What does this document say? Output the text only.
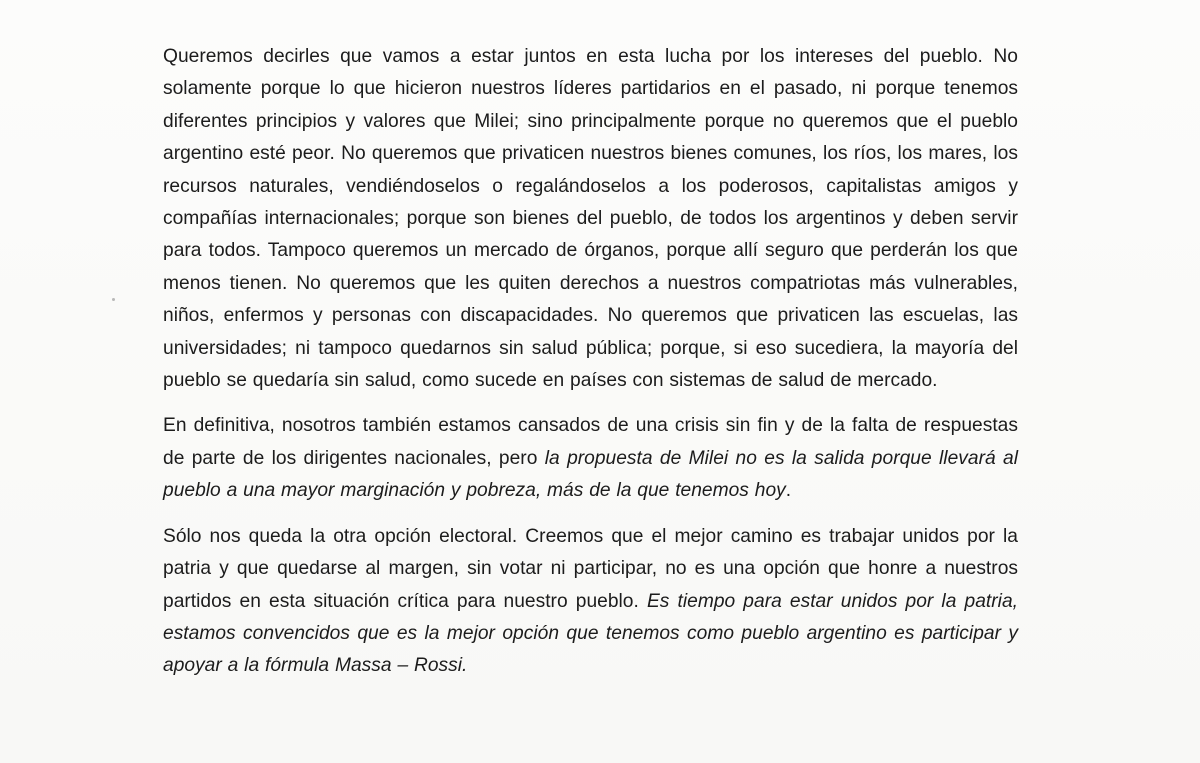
Queremos decirles que vamos a estar juntos en esta lucha por los intereses del pueblo. No solamente porque lo que hicieron nuestros líderes partidarios en el pasado, ni porque tenemos diferentes principios y valores que Milei; sino principalmente porque no queremos que el pueblo argentino esté peor. No queremos que privaticen nuestros bienes comunes, los ríos, los mares, los recursos naturales, vendiéndoselos o regalándoselos a los poderosos, capitalistas amigos y compañías internacionales; porque son bienes del pueblo, de todos los argentinos y deben servir para todos. Tampoco queremos un mercado de órganos, porque allí seguro que perderán los que menos tienen. No queremos que les quiten derechos a nuestros compatriotas más vulnerables, niños, enfermos y personas con discapacidades. No queremos que privaticen las escuelas, las universidades; ni tampoco quedarnos sin salud pública; porque, si eso sucediera, la mayoría del pueblo se quedaría sin salud, como sucede en países con sistemas de salud de mercado.

En definitiva, nosotros también estamos cansados de una crisis sin fin y de la falta de respuestas de parte de los dirigentes nacionales, pero la propuesta de Milei no es la salida porque llevará al pueblo a una mayor marginación y pobreza, más de la que tenemos hoy.

Sólo nos queda la otra opción electoral. Creemos que el mejor camino es trabajar unidos por la patria y que quedarse al margen, sin votar ni participar, no es una opción que honre a nuestros partidos en esta situación crítica para nuestro pueblo. Es tiempo para estar unidos por la patria, estamos convencidos que es la mejor opción que tenemos como pueblo argentino es participar y apoyar a la fórmula Massa – Rossi.
